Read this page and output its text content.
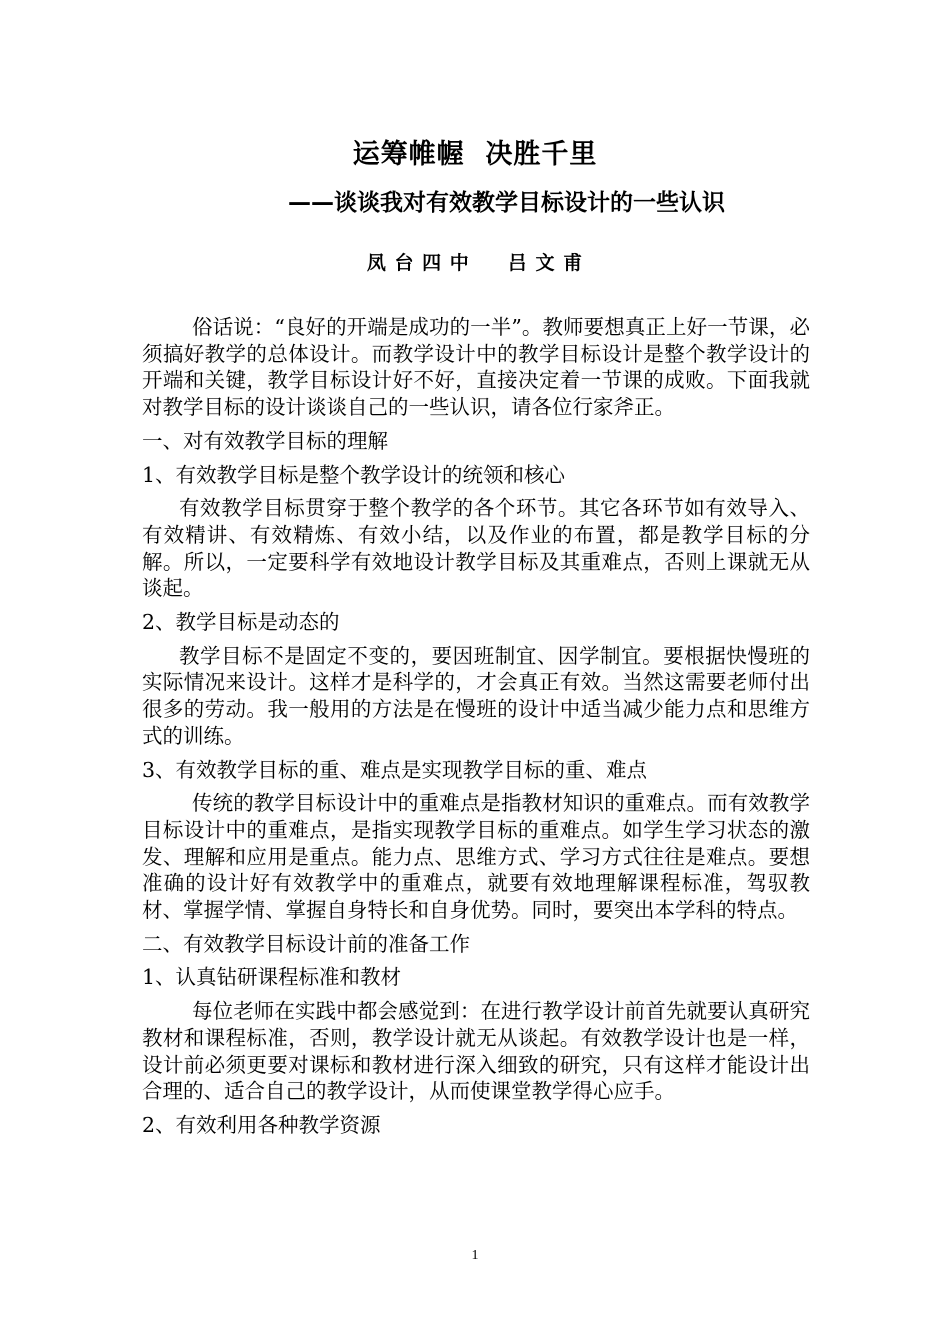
运筹帷幄  决胜千里
——谈谈我对有效教学目标设计的一些认识
凤 台 四 中     吕 文 甫

俗话说：“良好的开端是成功的一半”。教师要想真正上好一节课，必须搞好教学的总体设计。而教学设计中的教学目标设计是整个教学设计的开端和关键，教学目标设计好不好，直接决定着一节课的成败。下面我就对教学目标的设计谈谈自己的一些认识，请各位行家斧正。

一、对有效教学目标的理解

1、有效教学目标是整个教学设计的统领和核心

有效教学目标贯穿于整个教学的各个环节。其它各环节如有效导入、有效精讲、有效精炼、有效小结，以及作业的布置，都是教学目标的分解。所以，一定要科学有效地设计教学目标及其重难点，否则上课就无从谈起。

2、教学目标是动态的

教学目标不是固定不变的，要因班制宜、因学制宜。要根据快慢班的实际情况来设计。这样才是科学的，才会真正有效。当然这需要老师付出很多的劳动。我一般用的方法是在慢班的设计中适当减少能力点和思维方式的训练。

3、有效教学目标的重、难点是实现教学目标的重、难点

传统的教学目标设计中的重难点是指教材知识的重难点。而有效教学目标设计中的重难点，是指实现教学目标的重难点。如学生学习状态的激发、理解和应用是重点。能力点、思维方式、学习方式往往是难点。要想准确的设计好有效教学中的重难点，就要有效地理解课程标准，驾驭教材、掌握学情、掌握自身特长和自身优势。同时，要突出本学科的特点。

二、有效教学目标设计前的准备工作

1、认真钻研课程标准和教材

每位老师在实践中都会感觉到：在进行教学设计前首先就要认真研究教材和课程标准，否则，教学设计就无从谈起。有效教学设计也是一样，设计前必须更要对课标和教材进行深入细致的研究，只有这样才能设计出合理的、适合自己的教学设计，从而使课堂教学得心应手。

2、有效利用各种教学资源

1
